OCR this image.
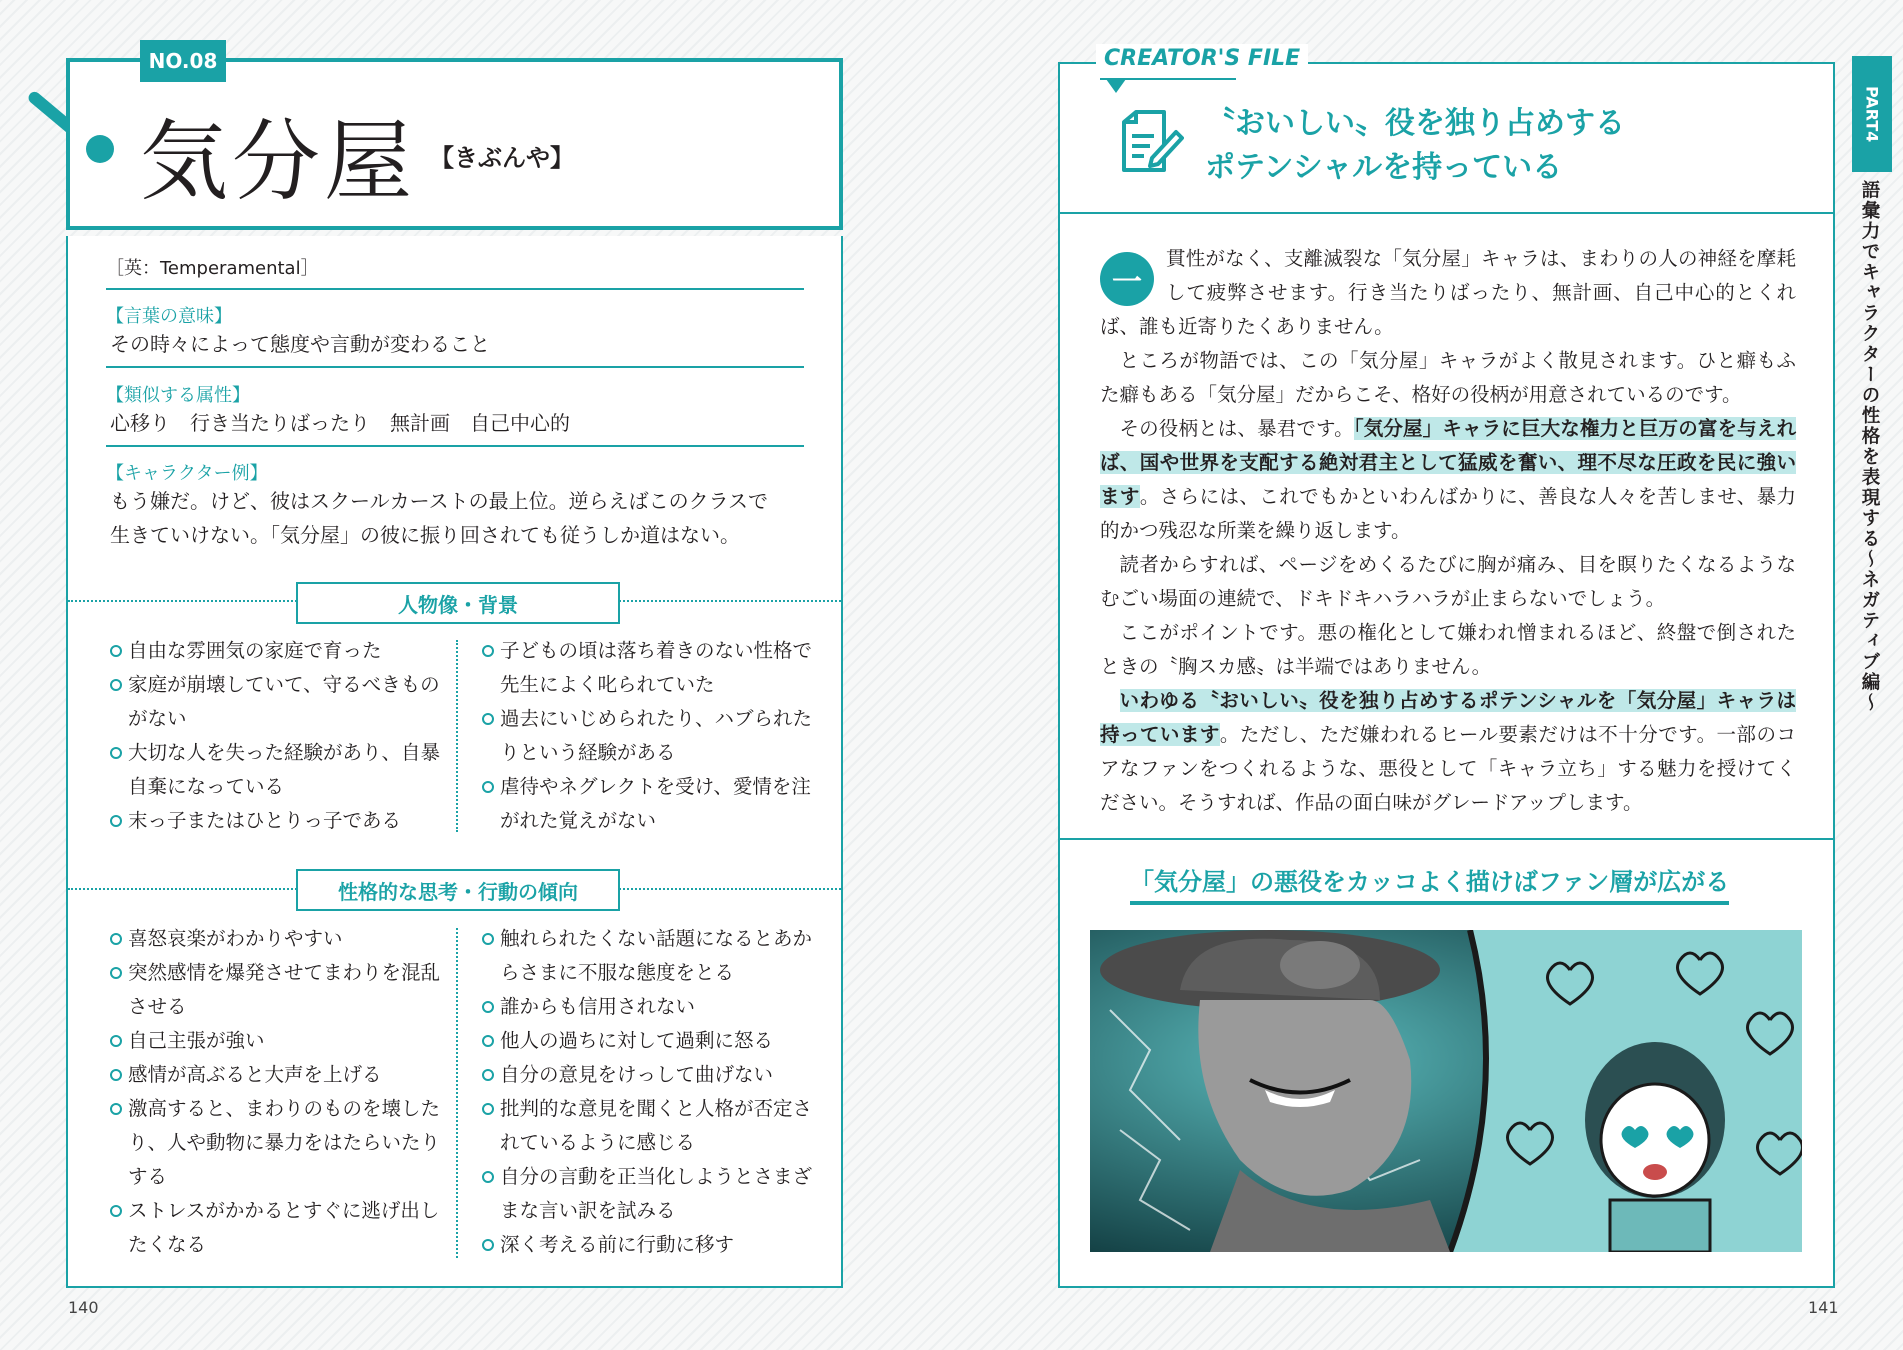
NO.08
気分屋 【きぶんや】
［英：Temperamental］
【言葉の意味】
その時々によって態度や言動が変わること
【類似する属性】
心移り　行き当たりばったり　無計画　自己中心的
【キャラクター例】
もう嫌だ。けど、彼はスクールカーストの最上位。逆らえばこのクラスで
生きていけない。「気分屋」の彼に振り回されても従うしか道はない。
人物像・背景
自由な雰囲気の家庭で育った
家庭が崩壊していて、守るべきものがない
大切な人を失った経験があり、自暴自棄になっている
末っ子またはひとりっ子である
子どもの頃は落ち着きのない性格で先生によく叱られていた
過去にいじめられたり、ハブられたりという経験がある
虐待やネグレクトを受け、愛情を注がれた覚えがない
性格的な思考・行動の傾向
喜怒哀楽がわかりやすい
突然感情を爆発させてまわりを混乱させる
自己主張が強い
感情が高ぶると大声を上げる
激高すると、まわりのものを壊したり、人や動物に暴力をはたらいたりする
ストレスがかかるとすぐに逃げ出したくなる
触れられたくない話題になるとあからさまに不服な態度をとる
誰からも信用されない
他人の過ちに対して過剰に怒る
自分の意見をけっして曲げない
批判的な意見を聞くと人格が否定されているように感じる
自分の言動を正当化しようとさまざまな言い訳を試みる
深く考える前に行動に移す
140
CREATOR'S FILE
〝おいしい〟役を独り占めする
ポテンシャルを持っている
一

貫性がなく、支離滅裂な「気分屋」キャラは、まわりの人の神経を摩耗して疲弊させます。行き当たりばったり、無計画、自己中心的とくれば、誰も近寄りたくありません。

ところが物語では、この「気分屋」キャラがよく散見されます。ひと癖もふた癖もある「気分屋」だからこそ、格好の役柄が用意されているのです。

その役柄とは、暴君です。「気分屋」キャラに巨大な権力と巨万の富を与えれば、国や世界を支配する絶対君主として猛威を奮い、理不尽な圧政を民に強います。さらには、これでもかといわんばかりに、善良な人々を苦しませ、暴力的かつ残忍な所業を繰り返します。

読者からすれば、ページをめくるたびに胸が痛み、目を瞑りたくなるようなむごい場面の連続で、ドキドキハラハラが止まらないでしょう。

ここがポイントです。悪の権化として嫌われ憎まれるほど、終盤で倒されたときの〝胸スカ感〟は半端ではありません。

いわゆる〝おいしい〟役を独り占めするポテンシャルを「気分屋」キャラは持っています。ただし、ただ嫌われるヒール要素だけは不十分です。一部のコアなファンをつくれるような、悪役として「キャラ立ち」する魅力を授けてください。そうすれば、作品の面白味がグレードアップします。

「気分屋」の悪役をカッコよく描けばファン層が広がる
PART4
語彙力でキャラクターの性格を表現する〜ネガティブ編〜
141
